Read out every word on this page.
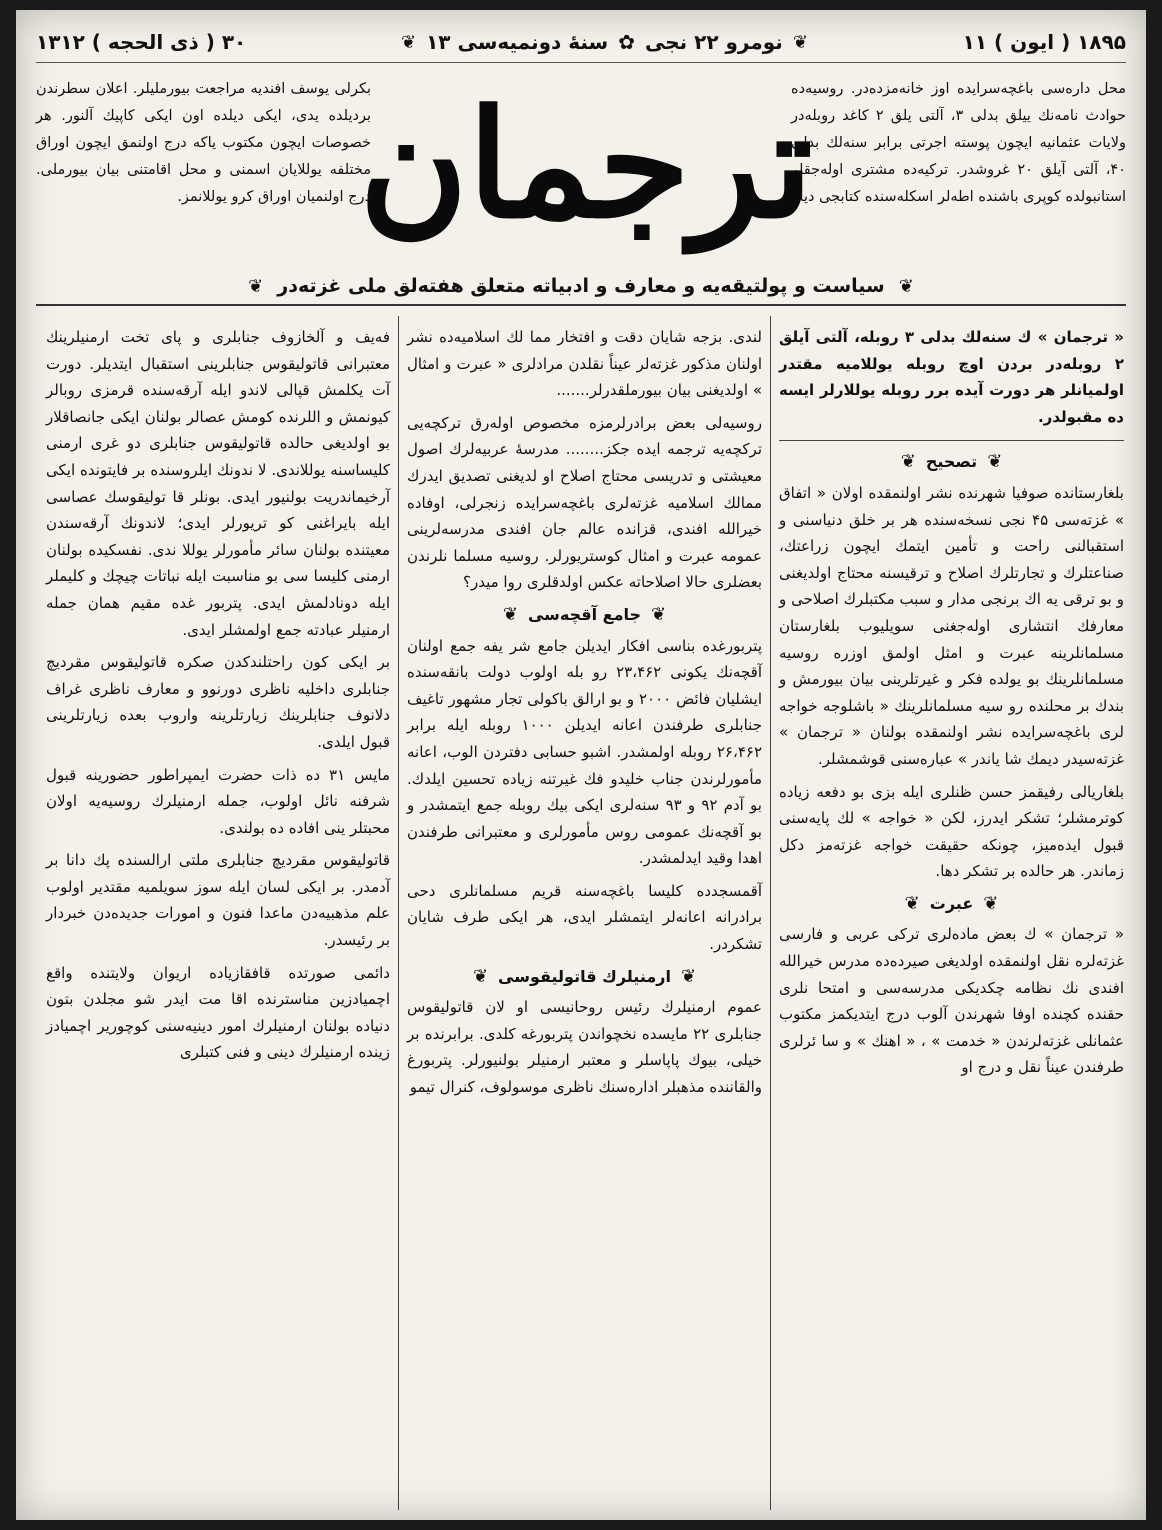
۱۸۹۵ ( ایون ) ۱۱
❦
نومرو ۲۲ نجی
✿
سنهٔ دونمیه‌سی ۱۳
❦
۳۰ ( ذی الحجه ) ۱۳۱۲
محل داره‌سی باغچه‌سرایده اوز خانه‌مزده‌در. روسیه‌ده حوادث نامه‌نك ییلق بدلی ۳، آلتی یلق ۲ کاغد روبله‌در ولایات عثمانیه ایچون پوسته اجرتی برابر سنه‌لك بدلی ۴۰، آلتی آیلق ۲۰ غروشدر. ترکیه‌ده مشتری اوله‌جقلر استانبولده کوپری باشنده اطه‌لر اسکله‌سنده کتابجی دیار
ترجمان
بکرلی یوسف افندیه مراجعت بیورمليلر. اعلان سطرندن بردیلده یدی، ایکی دیلده اون ایکی کاپیك آلنور. هر خصوصات ایچون مکتوب یاکه درج اولنمق ایچون اوراق مختلفه یوللایان اسمنی و محل اقامتنی بیان بیورملی. درج اولنمیان اوراق کرو یوللانمز.
❦
سیاست و پولتیقه‌یه و معارف و ادبیاته متعلق هفته‌لق ملی غزته‌در
❦

« ترجمان » ك سنه‌لك بدلی ۳ روبله، آلتی آیلق ۲ روبله‌در بردن اوچ روبله یوللامیه مقتدر اولمیانلر هر دورت آیده برر روبله یوللارلر ایسه ده مقبولدر.

❦
تصحیح
❦

بلغارستانده صوفیا شهرنده نشر اولنمقده اولان « اتفاق » غزته‌سی ۴۵ نجی نسخه‌سنده هر بر خلق دنیاسنی و استقبالنی راحت و تأمین ایتمك ایچون زراعتك، صناعتلرك و تجارتلرك اصلاح و ترقیسنه محتاج اولدیغنی و بو ترقی یه اك برنجی مدار و سبب مکتبلرك اصلاحی و معارفك انتشاری اوله‌جغنی سویلیوب بلغارستان مسلمانلرینه عبرت و امثل اولمق اوزره روسیه مسلمانلرینك بو یولده فکر و غیرتلرینی بیان بیورمش و بندك بر محلنده رو سیه مسلمانلرینك « باشلوجه خواجه لری باغچه‌سرایده نشر اولنمقده بولنان « ترجمان » غزته‌سیدر دیمك شا یاندر » عباره‌سنی قوشمشلر.

بلغاریالی رفیقمز حسن ظنلری ایله بزی بو دفعه زیاده کوترمشلر؛ تشکر ایدرز، لکن « خواجه » لك پایه‌سنی قبول ایده‌میز، چونکه حقیقت خواجه غزته‌مز دکل زماندر. هر حالده بر تشکر دها.

❦
عبرت
❦

« ترجمان » ك بعض ماده‌لری ترکی عربی و فارسی غزته‌لره نقل اولنمقده اولدیغی صیرده‌ده مدرس خیرالله افندی نك نظامه چکدیکی مدرسه‌سی و امتحا نلری حقنده کچنده اوفا شهرندن آلوب درج ایتدیکمز مکتوب عثمانلی غزته‌لرندن « خدمت » ، « اهنك » و سا ئرلری طرفندن عیناً نقل و درج او

لندی. بزجه شایان دقت و افتخار مما لك اسلامیه‌ده نشر اولنان مذکور غزته‌لر عیناً نقلدن مرادلری « عبرت و امثال » اولدیغنی بیان بیورملقدرلر.......

روسیه‌لی بعض برادرلرمزه مخصوص اوله‌رق ترکچه‌یی ترکچه‌یه ترجمه ایده جکز........ مدرسهٔ عربیه‌لرك اصول معیشتی و تدریسی محتاج اصلاح او لدیغنی تصدیق ایدرك ممالك اسلامیه غزته‌لری باغچه‌سرایده زنجرلی، اوفاده خیرالله افندی، قزانده عالم جان افندی مدرسه‌لرینی عمومه عبرت و امثال کوستریورلر. روسیه مسلما نلرندن بعضلری حالا اصلاحاته عکس اولدقلری روا میدر؟

❦
جامع آقچه‌سی
❦

پتربورغده بناسی افکار ایدیلن جامع شر یفه جمع اولنان آقچه‌نك یکونی ۲۳،۴۶۲ رو بله اولوب دولت بانقه‌سنده ایشلیان فائض ۲۰۰۰ و بو ارالق باکولی تجار مشهور تاغیف جنابلری طرفندن اعانه ایدیلن ۱۰۰۰ روبله ایله برابر ۲۶،۴۶۲ روبله اولمشدر. اشبو حسابی دفتردن الوب، اعانه مأمورلرندن جناب خلیدو فك غیرتنه زیاده تحسین ایلدك. بو آدم ۹۲ و ۹۳ سنه‌لری ایکی بیك روبله جمع ایتمشدر و بو آقچه‌نك عمومی روس مأمورلری و معتبرانی طرفندن اهدا وقید ایدلمشدر.

آقمسجدده کلیسا باغچه‌سنه قریم مسلمانلری دحی برادرانه اعانه‌لر ایتمشلر ایدی، هر ایکی طرف شایان تشکردر.

❦
ارمنیلرك قاتولیقوسی
❦

عموم ارمنیلرك رئیس روحانیسی او لان قاتولیقوس جنابلری ۲۲ مایسده نخچواندن پتربورغه کلدی. برابرنده بر خیلی، بیوك پاپاسلر و معتبر ارمنیلر بولنیورلر. پتربورغ والقاننده مذهبلر اداره‌سنك ناظری موسولوف، کنرال تیمو

فه‌یف و آلخازوف جنابلری و پای تخت ارمنیلرینك معتبرانی قاتولیقوس جنابلرینی استقبال ایتدیلر. دورت آت یکلمش قپالی لاندو ایله آرقه‌سنده قرمزی روبالر کیونمش و اللرنده کومش عصالر بولنان ایکی جانصاقلار بو اولدیغی حالده قاتولیقوس جنابلری دو غری ارمنی کلیساسنه یوللاندی. لا ندونك ایلروسنده بر فایتونده ایکی آرخیماندریت بولنیور ایدی. بونلر قا تولیقوسك عصاسی ایله بایراغنی کو تریورلر ایدی؛ لاندونك آرقه‌سندن معیتنده بولنان سائر مأمورلر یوللا ندی. نفسکیده بولنان ارمنی کلیسا سی بو مناسبت ایله نباتات چیچك و کلیملر ایله دونادلمش ایدی. پتربور غده مقیم همان جمله ارمنیلر عبادته جمع اولمشلر ایدی.

بر ایکی کون راحتلندکدن صکره قاتولیقوس مقردیچ جنابلری داخلیه ناظری دورنوو و معارف ناظری غراف دلانوف جنابلرینك زیارتلرینه واروب بعده زیارتلرینی قبول ایلدی.

مایس ۳۱ ده ذات حضرت ایمپراطور حضورینه قبول شرفنه نائل اولوب، جمله ارمنیلرك روسیه‌یه اولان محبتلر ینی افاده ده بولندی.

قاتولیقوس مقردیچ جنابلری ملتی ارالسنده پك دانا بر آدمدر. بر ایکی لسان ایله سوز سویلمیه مقتدیر اولوب علم مذهبیه‌دن ماعدا فنون و امورات جدیده‌دن خبردار بر رئیسدر.

دائمی صورتده قافقازیاده اریوان ولایتنده واقع اچمیادزین مناسترنده اقا مت ایدر شو مجلدن بتون دنیاده بولنان ارمنیلرك امور دینیه‌سنی کوچوریر اچمیادز زینده ارمنیلرك دینی و فنی کتبلری
